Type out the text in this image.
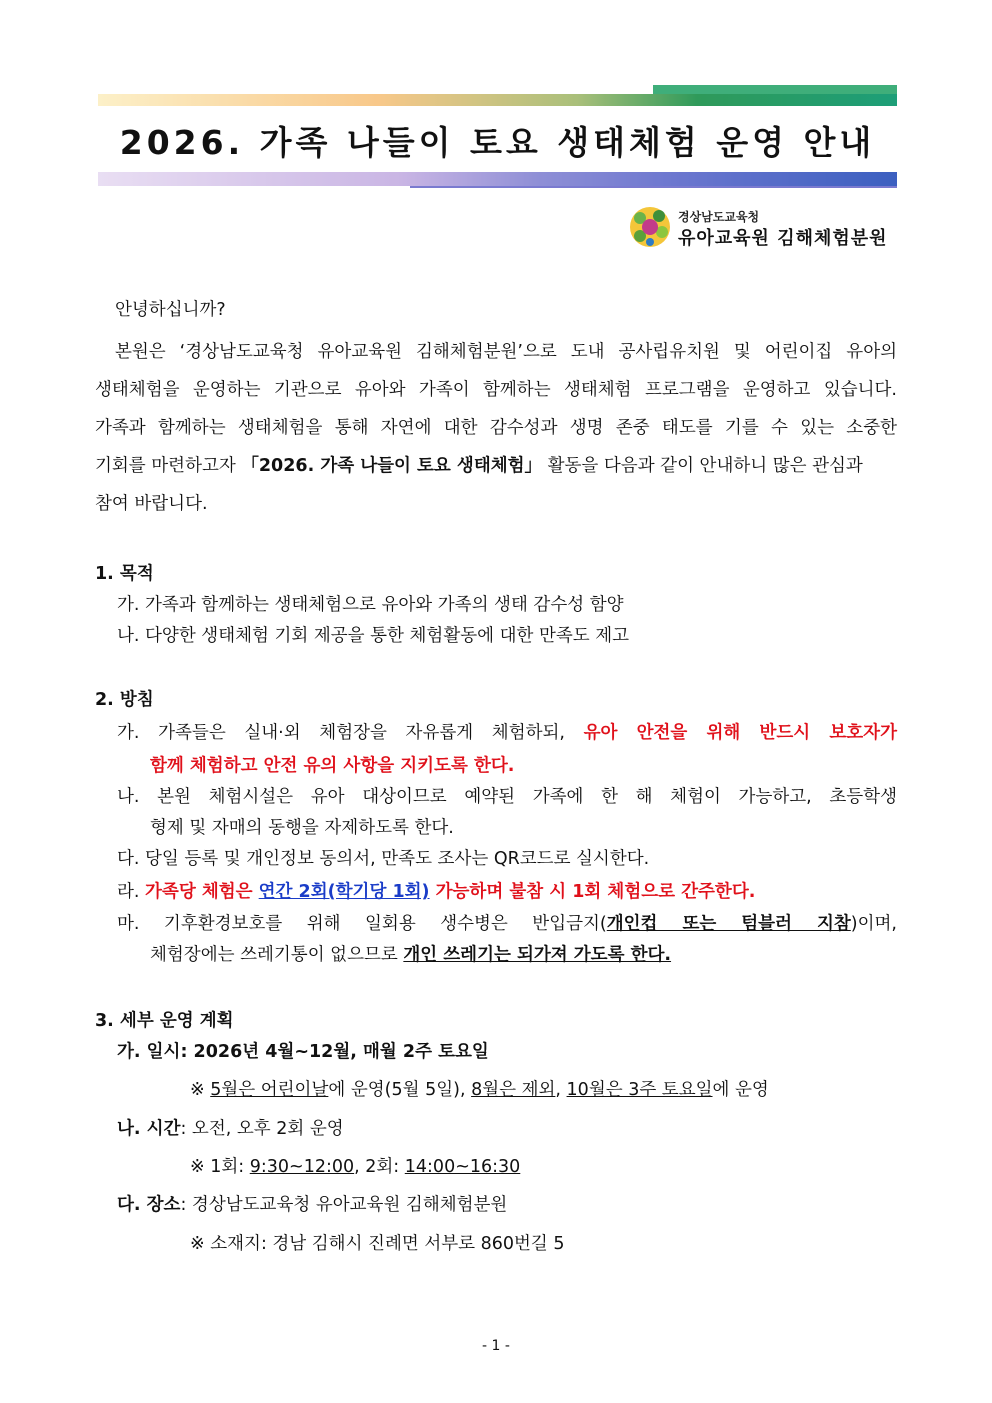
2026. 가족 나들이 토요 생태체험 운영 안내
경상남도교육청
유아교육원 김해체험분원
안녕하십니까?
본원은 ‘경상남도교육청 유아교육원 김해체험분원’으로 도내 공사립유치원 및 어린이집 유아의
생태체험을 운영하는 기관으로 유아와 가족이 함께하는 생태체험 프로그램을 운영하고 있습니다.
가족과 함께하는 생태체험을 통해 자연에 대한 감수성과 생명 존중 태도를 기를 수 있는 소중한
기회를 마련하고자 「2026. 가족 나들이 토요 생태체험」 활동을 다음과 같이 안내하니 많은 관심과
참여 바랍니다.
1. 목적
가. 가족과 함께하는 생태체험으로 유아와 가족의 생태 감수성 함양
나. 다양한 생태체험 기회 제공을 통한 체험활동에 대한 만족도 제고
2. 방침
가. 가족들은 실내·외 체험장을 자유롭게 체험하되, 유아 안전을 위해 반드시 보호자가
함께 체험하고 안전 유의 사항을 지키도록 한다.
나. 본원 체험시설은 유아 대상이므로 예약된 가족에 한 해 체험이 가능하고, 초등학생
형제 및 자매의 동행을 자제하도록 한다.
다. 당일 등록 및 개인정보 동의서, 만족도 조사는 QR코드로 실시한다.
라. 가족당 체험은 연간 2회(학기당 1회) 가능하며 불참 시 1회 체험으로 간주한다.
마. 기후환경보호를 위해 일회용 생수병은 반입금지(개인컵 또는 텀블러 지참)이며,
체험장에는 쓰레기통이 없으므로 개인 쓰레기는 되가져 가도록 한다.
3. 세부 운영 계획
가. 일시: 2026년 4월~12월, 매월 2주 토요일
※ 5월은 어린이날에 운영(5월 5일), 8월은 제외, 10월은 3주 토요일에 운영
나. 시간: 오전, 오후 2회 운영
※ 1회: 9:30~12:00, 2회: 14:00~16:30
다. 장소: 경상남도교육청 유아교육원 김해체험분원
※ 소재지: 경남 김해시 진례면 서부로 860번길 5
- 1 -
